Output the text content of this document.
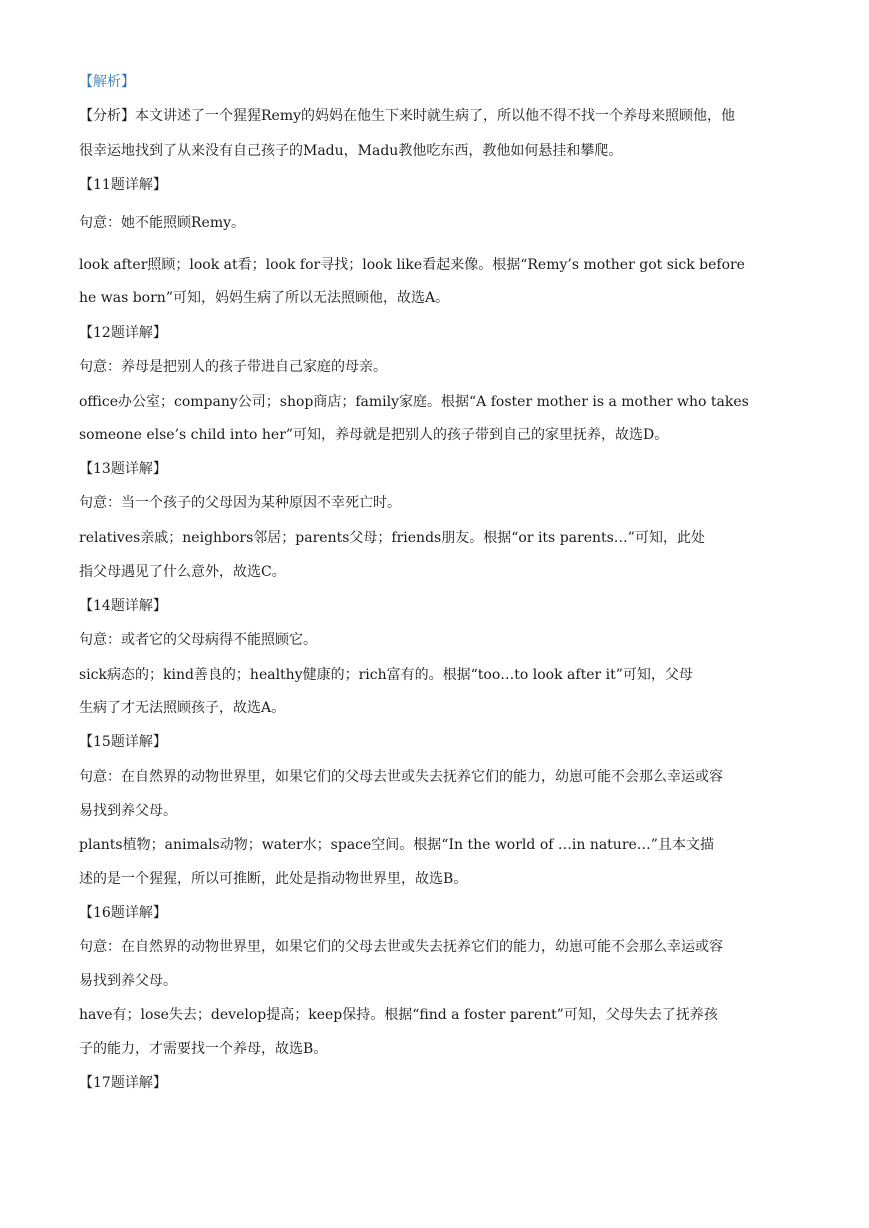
【解析】
【分析】本文讲述了一个猩猩Remy的妈妈在他生下来时就生病了，所以他不得不找一个养母来照顾他，他
很幸运地找到了从来没有自己孩子的Madu，Madu教他吃东西，教他如何悬挂和攀爬。
【11题详解】
句意：她不能照顾Remy。
look after照顾；look at看；look for寻找；look like看起来像。根据“Remy’s mother got sick before
he was born”可知，妈妈生病了所以无法照顾他，故选A。
【12题详解】
句意：养母是把别人的孩子带进自己家庭的母亲。
office办公室；company公司；shop商店；family家庭。根据“A foster mother is a mother who takes
someone else’s child into her”可知，养母就是把别人的孩子带到自己的家里抚养，故选D。
【13题详解】
句意：当一个孩子的父母因为某种原因不幸死亡时。
relatives亲戚；neighbors邻居；parents父母；friends朋友。根据“or its parents…”可知，此处
指父母遇见了什么意外，故选C。
【14题详解】
句意：或者它的父母病得不能照顾它。
sick病态的；kind善良的；healthy健康的；rich富有的。根据“too…to look after it”可知，父母
生病了才无法照顾孩子，故选A。
【15题详解】
句意：在自然界的动物世界里，如果它们的父母去世或失去抚养它们的能力，幼崽可能不会那么幸运或容
易找到养父母。
plants植物；animals动物；water水；space空间。根据“In the world of …in nature…”且本文描
述的是一个猩猩，所以可推断，此处是指动物世界里，故选B。
【16题详解】
句意：在自然界的动物世界里，如果它们的父母去世或失去抚养它们的能力，幼崽可能不会那么幸运或容
易找到养父母。
have有；lose失去；develop提高；keep保持。根据“find a foster parent”可知，父母失去了抚养孩
子的能力，才需要找一个养母，故选B。
【17题详解】
